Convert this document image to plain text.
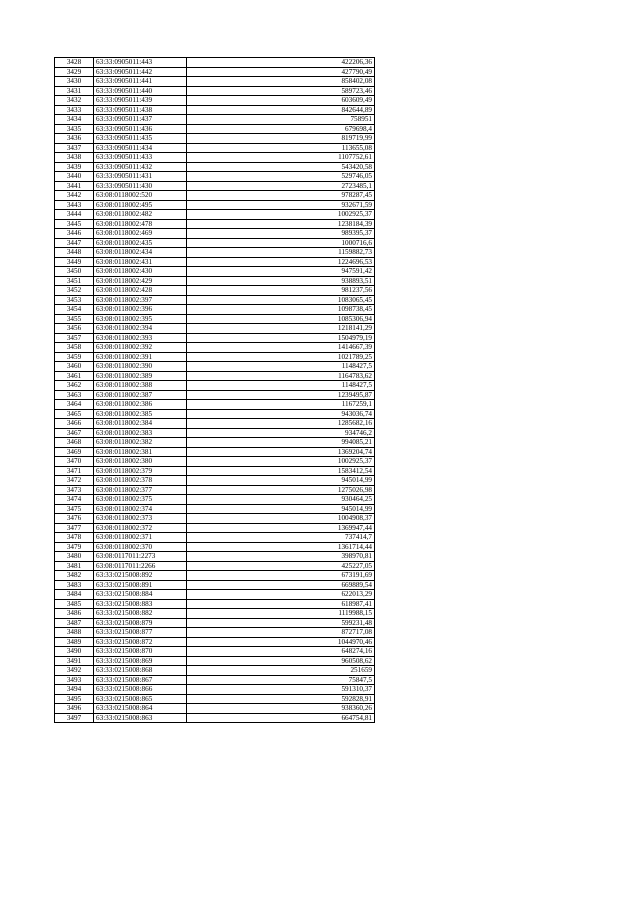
3428	63:33:0905011:443	422206,36
3429	63:33:0905011:442	427790,49
3430	63:33:0905011:441	858402,08
3431	63:33:0905011:440	589723,46
3432	63:33:0905011:439	603609,49
3433	63:33:0905011:438	842644,89
3434	63:33:0905011:437	758951
3435	63:33:0905011:436	679698,4
3436	63:33:0905011:435	819719,99
3437	63:33:0905011:434	113655,08
3438	63:33:0905011:433	1107752,61
3439	63:33:0905011:432	543420,58
3440	63:33:0905011:431	529746,05
3441	63:33:0905011:430	2723485,1
3442	63:08:0118002:520	978287,45
3443	63:08:0118002:495	932671,59
3444	63:08:0118002:482	1002925,37
3445	63:08:0118002:478	1238184,39
3446	63:08:0118002:469	989395,37
3447	63:08:0118002:435	1000716,6
3448	63:08:0118002:434	1159882,73
3449	63:08:0118002:431	1224696,53
3450	63:08:0118002:430	947591,42
3451	63:08:0118002:429	938893,51
3452	63:08:0118002:428	981237,56
3453	63:08:0118002:397	1083065,45
3454	63:08:0118002:396	1098738,45
3455	63:08:0118002:395	1085306,94
3456	63:08:0118002:394	1218141,29
3457	63:08:0118002:393	1504979,19
3458	63:08:0118002:392	1414667,39
3459	63:08:0118002:391	1021789,25
3460	63:08:0118002:390	1148427,5
3461	63:08:0118002:389	1164783,62
3462	63:08:0118002:388	1148427,5
3463	63:08:0118002:387	1239495,87
3464	63:08:0118002:386	1167259,1
3465	63:08:0118002:385	943036,74
3466	63:08:0118002:384	1285682,16
3467	63:08:0118002:383	934746,2
3468	63:08:0118002:382	994085,21
3469	63:08:0118002:381	1369204,74
3470	63:08:0118002:380	1002925,37
3471	63:08:0118002:379	1583412,54
3472	63:08:0118002:378	945014,99
3473	63:08:0118002:377	1275026,98
3474	63:08:0118002:375	930464,25
3475	63:08:0118002:374	945014,99
3476	63:08:0118002:373	1004908,37
3477	63:08:0118002:372	1369947,44
3478	63:08:0118002:371	737414,7
3479	63:08:0118002:370	1361714,44
3480	63:08:0117011:2273	398970,81
3481	63:08:0117011:2266	425227,05
3482	63:33:0215008:892	673191,69
3483	63:33:0215008:891	669889,54
3484	63:33:0215008:884	622013,29
3485	63:33:0215008:883	618987,41
3486	63:33:0215008:882	1119988,15
3487	63:33:0215008:879	599231,48
3488	63:33:0215008:877	872717,08
3489	63:33:0215008:872	1044970,46
3490	63:33:0215008:870	648274,16
3491	63:33:0215008:869	960508,62
3492	63:33:0215008:868	251659
3493	63:33:0215008:867	75847,5
3494	63:33:0215008:866	591310,37
3495	63:33:0215008:865	592828,91
3496	63:33:0215008:864	938360,26
3497	63:33:0215008:863	664754,81
